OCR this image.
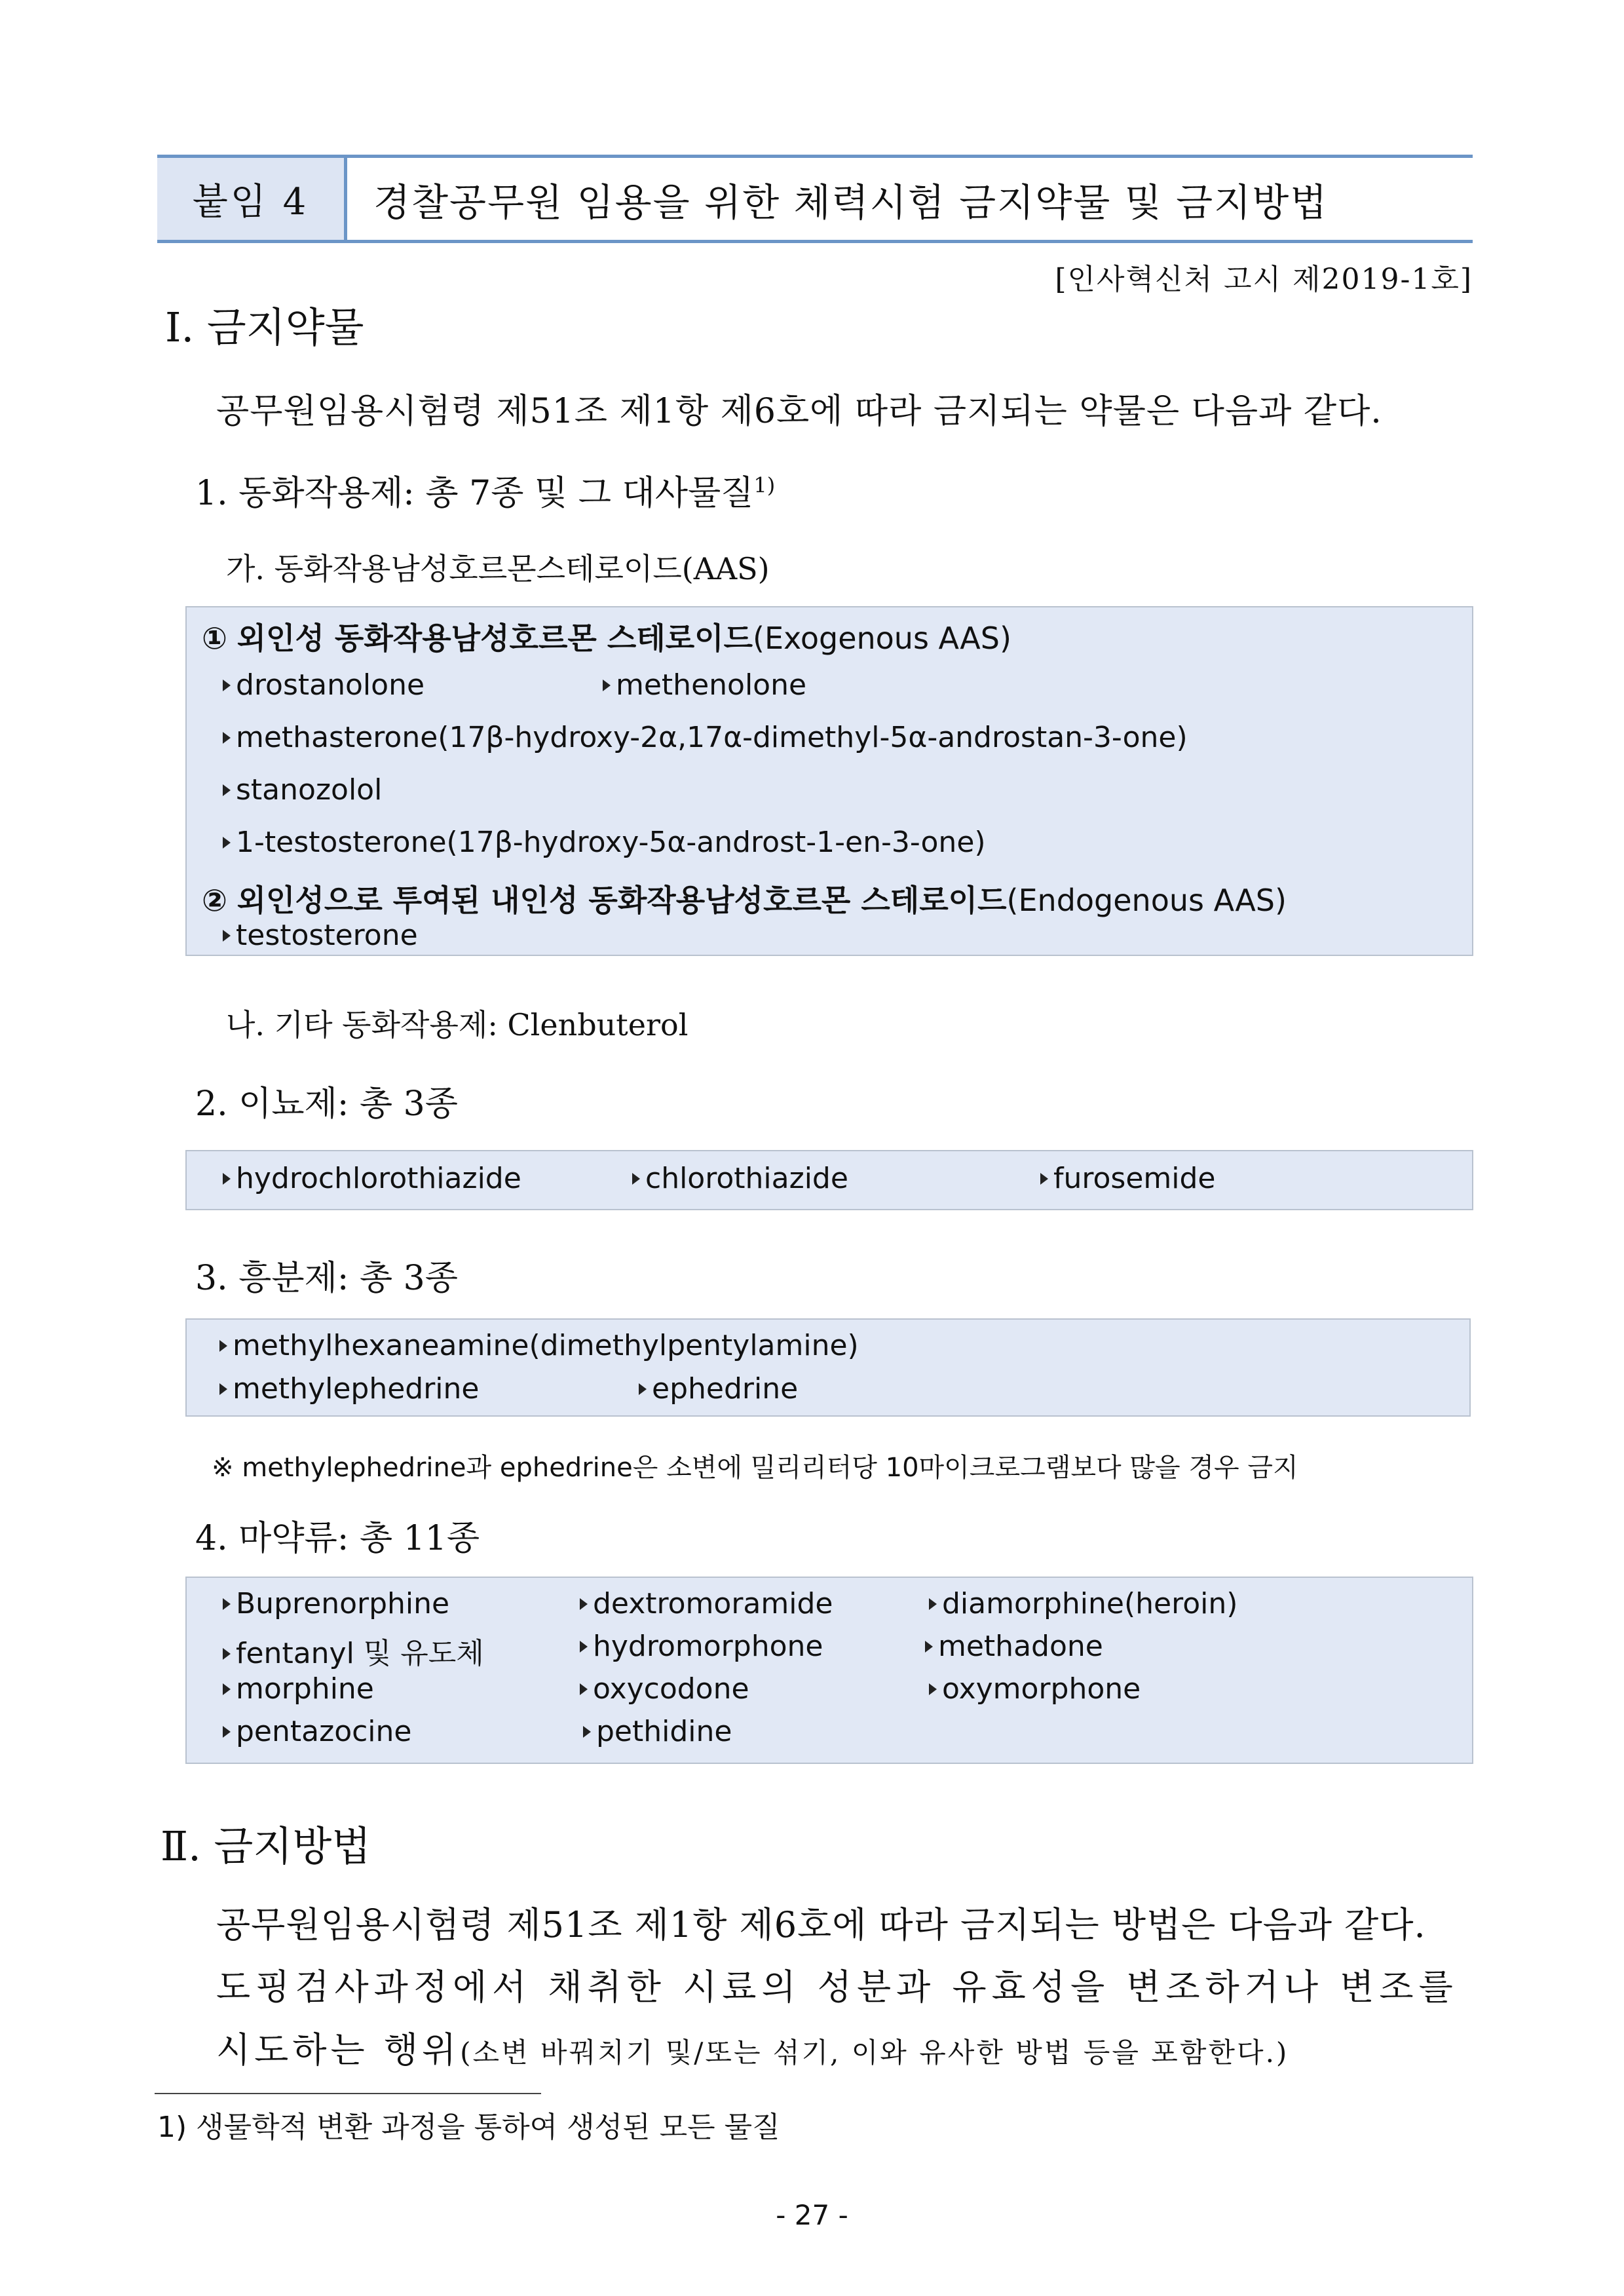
붙임 4	경찰공무원 임용을 위한 체력시험 금지약물 및 금지방법
[인사혁신처 고시 제2019-1호]
Ⅰ. 금지약물
공무원임용시험령 제51조 제1항 제6호에 따라 금지되는 약물은 다음과 같다.
1. 동화작용제: 총 7종 및 그 대사물질$^{1)}$
가. 동화작용남성호르몬스테로이드(AAS)
① 외인성 동화작용남성호르몬 스테로이드(Exogenous AAS)
drostanolone	methenolone
methasterone(17β-hydroxy-2α,17α-dimethyl-5α-androstan-3-one)
stanozolol
1-testosterone(17β-hydroxy-5α-androst-1-en-3-one)
② 외인성으로 투여된 내인성 동화작용남성호르몬 스테로이드(Endogenous AAS)
testosterone
나. 기타 동화작용제: Clenbuterol
2. 이뇨제: 총 3종
hydrochlorothiazide	chlorothiazide	furosemide
3. 흥분제: 총 3종
methylhexaneamine(dimethylpentylamine)
methylephedrine	ephedrine
※ methylephedrine과 ephedrine은 소변에 밀리리터당 10마이크로그램보다 많을 경우 금지
4. 마약류: 총 11종
Buprenorphine	dextromoramide	diamorphine(heroin)
fentanyl 및 유도체	hydromorphone	methadone
morphine	oxycodone	oxymorphone
pentazocine	pethidine
Ⅱ. 금지방법
공무원임용시험령 제51조 제1항 제6호에 따라 금지되는 방법은 다음과 같다.
도핑검사과정에서 채취한 시료의 성분과 유효성을 변조하거나 변조를
시도하는 행위(소변 바꿔치기 및/또는 섞기, 이와 유사한 방법 등을 포함한다.)
1) 생물학적 변환 과정을 통하여 생성된 모든 물질
- 27 -
